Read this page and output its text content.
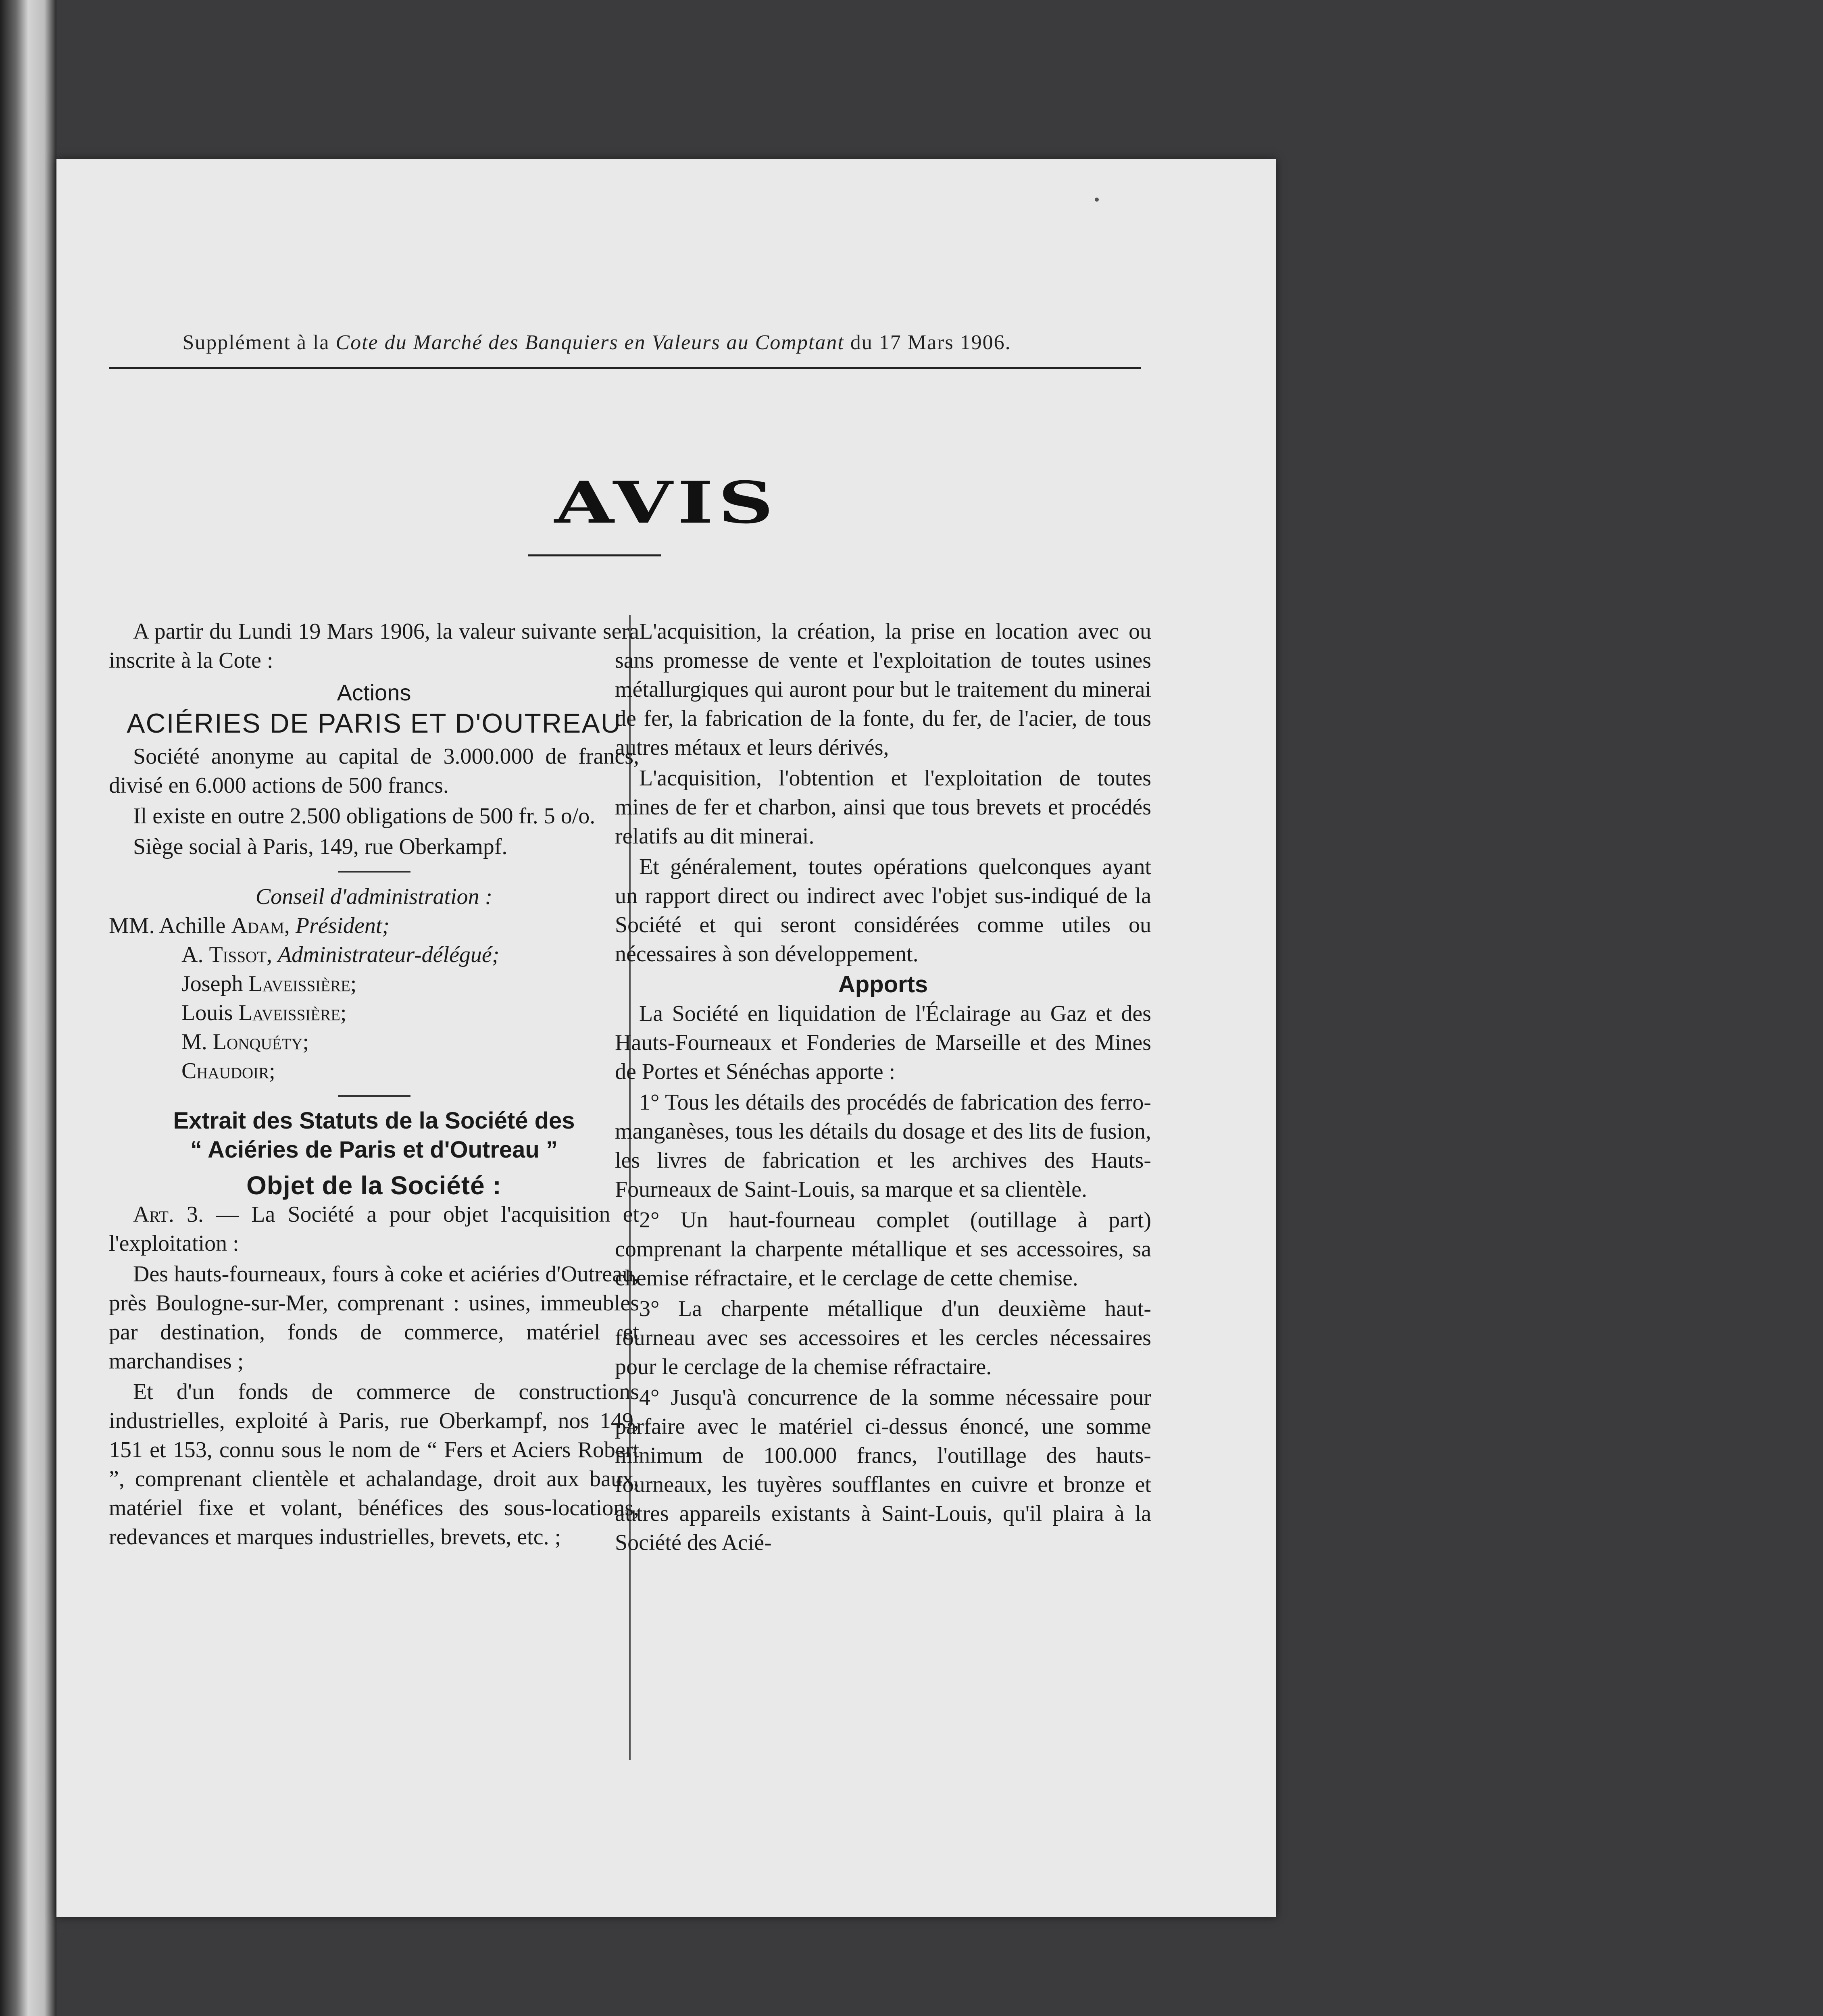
Supplément à la Cote du Marché des Banquiers en Valeurs au Comptant du 17 Mars 1906.
AVIS

A partir du Lundi 19 Mars 1906, la valeur suivante sera inscrite à la Cote :

Actions
ACIÉRIES DE PARIS ET D'OUTREAU

Société anonyme au capital de 3.000.000 de francs, divisé en 6.000 actions de 500 francs.

Il existe en outre 2.500 obligations de 500 fr. 5 o/o.

Siège social à Paris, 149, rue Oberkampf.

Conseil d'administration :
MM. Achille Adam, Président;
A. Tissot, Administrateur-délégué;
Joseph Laveissière;
Louis Laveissière;
M. Lonquéty;
Chaudoir;
Extrait des Statuts de la Société des
“ Aciéries de Paris et d'Outreau ”
Objet de la Société :

Art. 3. — La Société a pour objet l'acquisition et l'exploitation :

Des hauts-fourneaux, fours à coke et aciéries d'Outreau, près Boulogne-sur-Mer, comprenant : usines, immeubles par destination, fonds de commerce, matériel et marchandises ;

Et d'un fonds de commerce de constructions industrielles, exploité à Paris, rue Oberkampf, nos 149, 151 et 153, connu sous le nom de “ Fers et Aciers Robert ”, comprenant clientèle et achalandage, droit aux baux, matériel fixe et volant, bénéfices des sous-locations, redevances et marques industrielles, brevets, etc. ;

L'acquisition, la création, la prise en location avec ou sans promesse de vente et l'exploitation de toutes usines métallurgiques qui auront pour but le traitement du minerai de fer, la fabrication de la fonte, du fer, de l'acier, de tous autres métaux et leurs dérivés,

L'acquisition, l'obtention et l'exploitation de toutes mines de fer et charbon, ainsi que tous brevets et procédés relatifs au dit minerai.

Et généralement, toutes opérations quelconques ayant un rapport direct ou indirect avec l'objet sus-indiqué de la Société et qui seront considérées comme utiles ou nécessaires à son développement.

Apports

La Société en liquidation de l'Éclairage au Gaz et des Hauts-Fourneaux et Fonderies de Marseille et des Mines de Portes et Sénéchas apporte :

1° Tous les détails des procédés de fabrication des ferro-manganèses, tous les détails du dosage et des lits de fusion, les livres de fabrication et les archives des Hauts-Fourneaux de Saint-Louis, sa marque et sa clientèle.

2° Un haut-fourneau complet (outillage à part) comprenant la charpente métallique et ses accessoires, sa chemise réfractaire, et le cerclage de cette chemise.

3° La charpente métallique d'un deuxième haut-fourneau avec ses accessoires et les cercles nécessaires pour le cerclage de la chemise réfractaire.

4° Jusqu'à concurrence de la somme nécessaire pour parfaire avec le matériel ci-dessus énoncé, une somme minimum de 100.000 francs, l'outillage des hauts-fourneaux, les tuyères soufflantes en cuivre et bronze et autres appareils existants à Saint-Louis, qu'il plaira à la Société des Acié-
